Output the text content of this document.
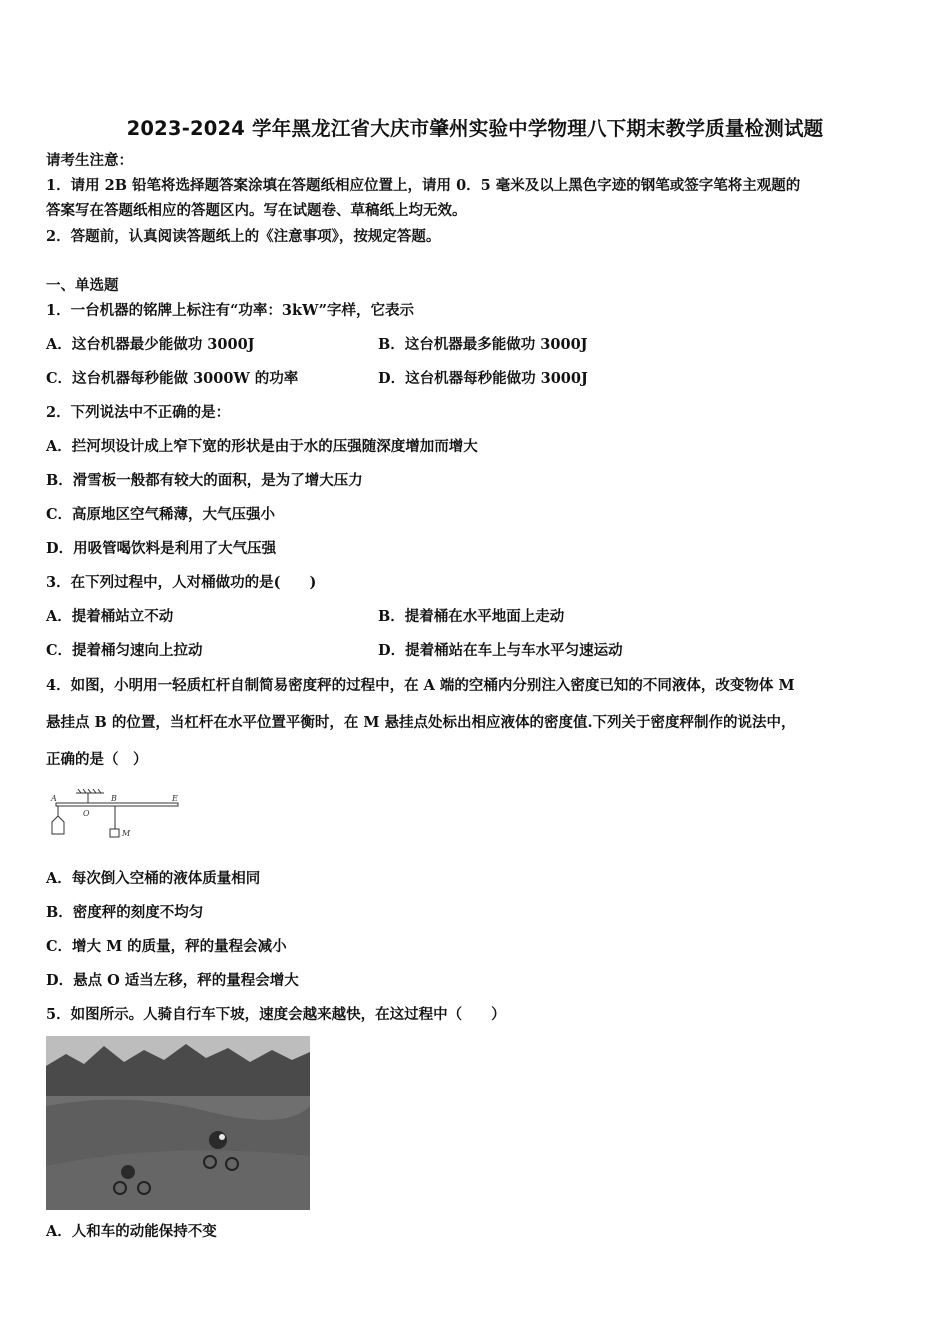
2023-2024 学年黑龙江省大庆市肇州实验中学物理八下期末教学质量检测试题
请考生注意：
1．请用 2B 铅笔将选择题答案涂填在答题纸相应位置上，请用 0．5 毫米及以上黑色字迹的钢笔或签字笔将主观题的
答案写在答题纸相应的答题区内。写在试题卷、草稿纸上均无效。
2．答题前，认真阅读答题纸上的《注意事项》，按规定答题。
一、单选题
1．一台机器的铭牌上标注有“功率：3kW”字样，它表示
A．这台机器最少能做功 3000J	B．这台机器最多能做功 3000J
C．这台机器每秒能做 3000W 的功率	D．这台机器每秒能做功 3000J
2．下列说法中不正确的是：
A．拦河坝设计成上窄下宽的形状是由于水的压强随深度增加而增大
B．滑雪板一般都有较大的面积，是为了增大压力
C．高原地区空气稀薄，大气压强小
D．用吸管喝饮料是利用了大气压强
3．在下列过程中，人对桶做功的是(　　)
A．提着桶站立不动	B．提着桶在水平地面上走动
C．提着桶匀速向上拉动	D．提着桶站在车上与车水平匀速运动
4．如图，小明用一轻质杠杆自制简易密度秤的过程中，在 A 端的空桶内分别注入密度已知的不同液体，改变物体 M
悬挂点 B 的位置，当杠杆在水平位置平衡时，在 M 悬挂点处标出相应液体的密度值.下列关于密度秤制作的说法中，
正确的是（　）
A
O
B	E
M
A．每次倒入空桶的液体质量相同
B．密度秤的刻度不均匀
C．增大 M 的质量，秤的量程会减小
D．悬点 O 适当左移，秤的量程会增大
5．如图所示。人骑自行车下坡，速度会越来越快，在这过程中（　　）
A．人和车的动能保持不变
